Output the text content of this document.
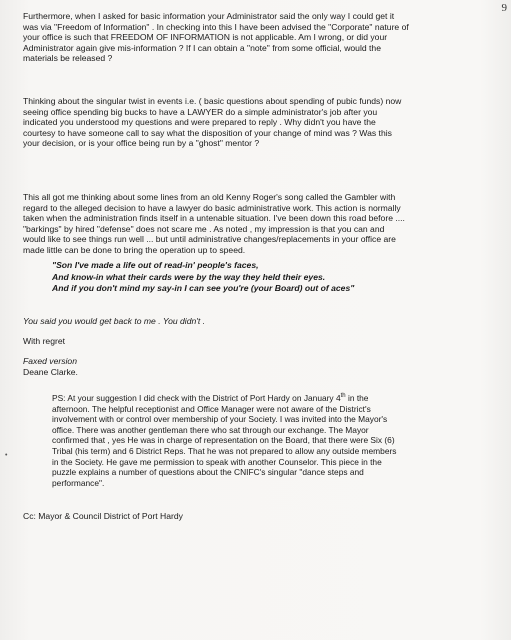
9
•
Furthermore, when I asked for basic information your Administrator said the only way I could get it
was via "Freedom of Information" . In checking into this I have been advised the "Corporate" nature of
your office is such that FREEDOM OF INFORMATION is not applicable. Am I wrong, or did your
Administrator again give mis-information ? If I can obtain a "note" from some official, would the
materials be released ?
Thinking about the singular twist in events i.e. ( basic questions about spending of pubic funds) now
seeing office spending big bucks to have a LAWYER do a simple administrator's job after you
indicated you understood my questions and were prepared to reply . Why didn't you have the
courtesy to have someone call to say what the disposition of your change of mind was ? Was this
your decision, or is your office being run by a "ghost" mentor ?
This all got me thinking about some lines from an old Kenny Roger's song called the Gambler with
regard to the alleged decision to have a lawyer do basic administrative work. This action is normally
taken when the administration finds itself in a untenable situation. I've been down this road before ....
"barkings" by hired "defense" does not scare me . As noted , my impression is that you can and
would like to see things run well ... but until administrative changes/replacements in your office are
made little can be done to bring the operation up to speed.
"Son I've made a life out of read-in' people's faces,
And know-in what their cards were by the way they held their eyes.
And if you don't mind my say-in I can see you're (your Board) out of aces"
You said you would get back to me . You didn't .
With regret
Faxed version
Deane Clarke.
PS: At your suggestion I did check with the District of Port Hardy on January 4th in the
afternoon. The helpful receptionist and Office Manager were not aware of the District's
involvement with or control over membership of your Society. I was invited into the Mayor's
office. There was another gentleman there who sat through our exchange. The Mayor
confirmed that , yes He was in charge of representation on the Board, that there were Six (6)
Tribal (his term) and 6 District Reps. That he was not prepared to allow any outside members
in the Society. He gave me permission to speak with another Counselor. This piece in the
puzzle explains a number of questions about the CNIFC's singular "dance steps and
performance".
Cc: Mayor & Council District of Port Hardy
